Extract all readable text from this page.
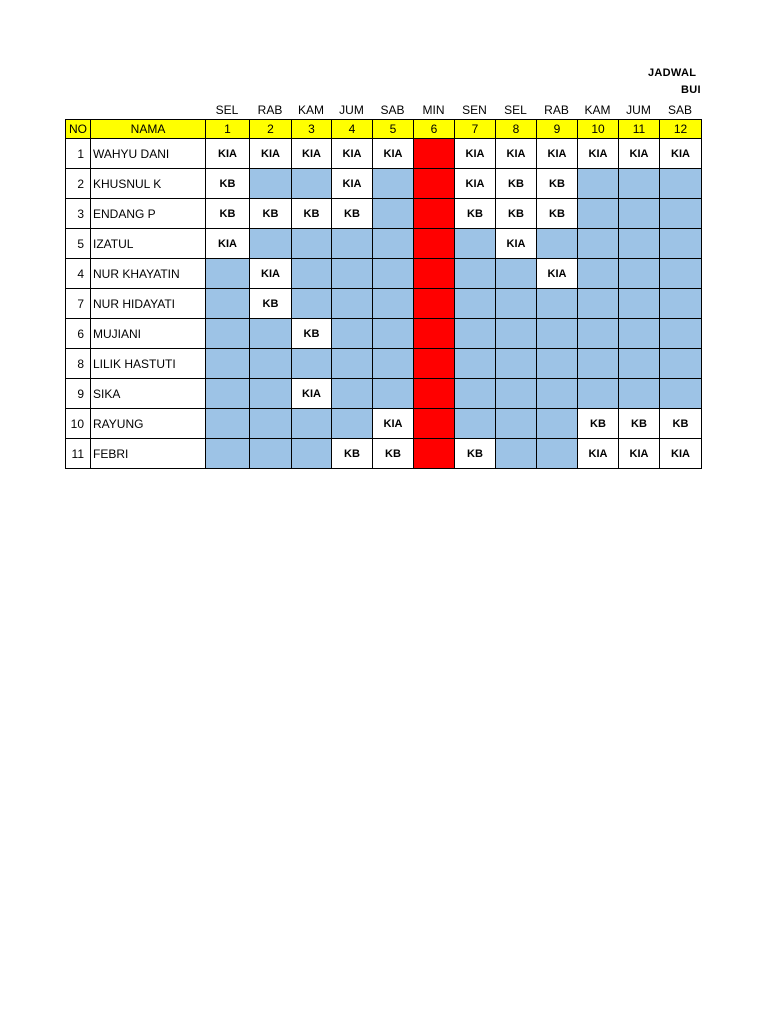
JADWAL
BUI
SEL	RAB	KAM	JUM	SAB	MIN	SEN	SEL	RAB	KAM	JUM	SAB
NO	NAMA	1	2	3	4	5	6	7	8	9	10	11	12
1	WAHYU DANI	KIA	KIA	KIA	KIA	KIA		KIA	KIA	KIA	KIA	KIA	KIA
2	KHUSNUL K	KB			KIA			KIA	KB	KB			
3	ENDANG P	KB	KB	KB	KB			KB	KB	KB			
5	IZATUL	KIA							KIA				
4	NUR KHAYATIN		KIA							KIA			
7	NUR HIDAYATI		KB										
6	MUJIANI			KB									
8	LILIK HASTUTI												
9	SIKA			KIA									
10	RAYUNG					KIA					KB	KB	KB
11	FEBRI				KB	KB		KB			KIA	KIA	KIA
